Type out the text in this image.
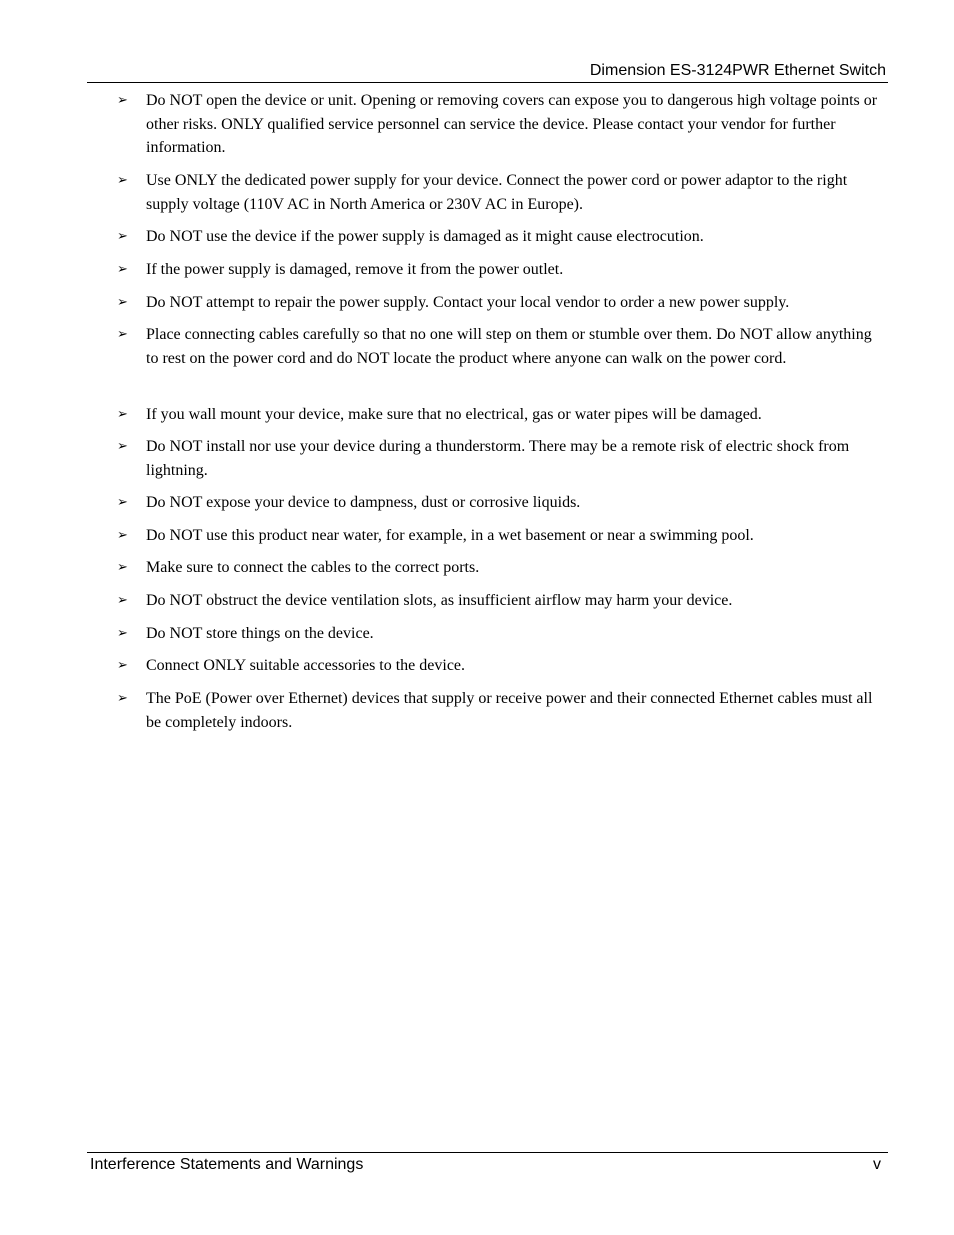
Dimension ES-3124PWR Ethernet Switch
➢	Do NOT open the device or unit. Opening or removing covers can expose you to dangerous high voltage points or other risks. ONLY qualified service personnel can service the device. Please contact your vendor for further information.
➢	Use ONLY the dedicated power supply for your device. Connect the power cord or power adaptor to the right supply voltage (110V AC in North America or 230V AC in Europe).
➢	Do NOT use the device if the power supply is damaged as it might cause electrocution.
➢	If the power supply is damaged, remove it from the power outlet.
➢	Do NOT attempt to repair the power supply. Contact your local vendor to order a new power supply.
➢	Place connecting cables carefully so that no one will step on them or stumble over them. Do NOT allow anything to rest on the power cord and do NOT locate the product where anyone can walk on the power cord.
➢	If you wall mount your device, make sure that no electrical, gas or water pipes will be damaged.
➢	Do NOT install nor use your device during a thunderstorm. There may be a remote risk of electric shock from lightning.
➢	Do NOT expose your device to dampness, dust or corrosive liquids.
➢	Do NOT use this product near water, for example, in a wet basement or near a swimming pool.
➢	Make sure to connect the cables to the correct ports.
➢	Do NOT obstruct the device ventilation slots, as insufficient airflow may harm your device.
➢	Do NOT store things on the device.
➢	Connect ONLY suitable accessories to the device.
➢	The PoE (Power over Ethernet) devices that supply or receive power and their connected Ethernet cables must all be completely indoors.
Interference Statements and Warnings	v
